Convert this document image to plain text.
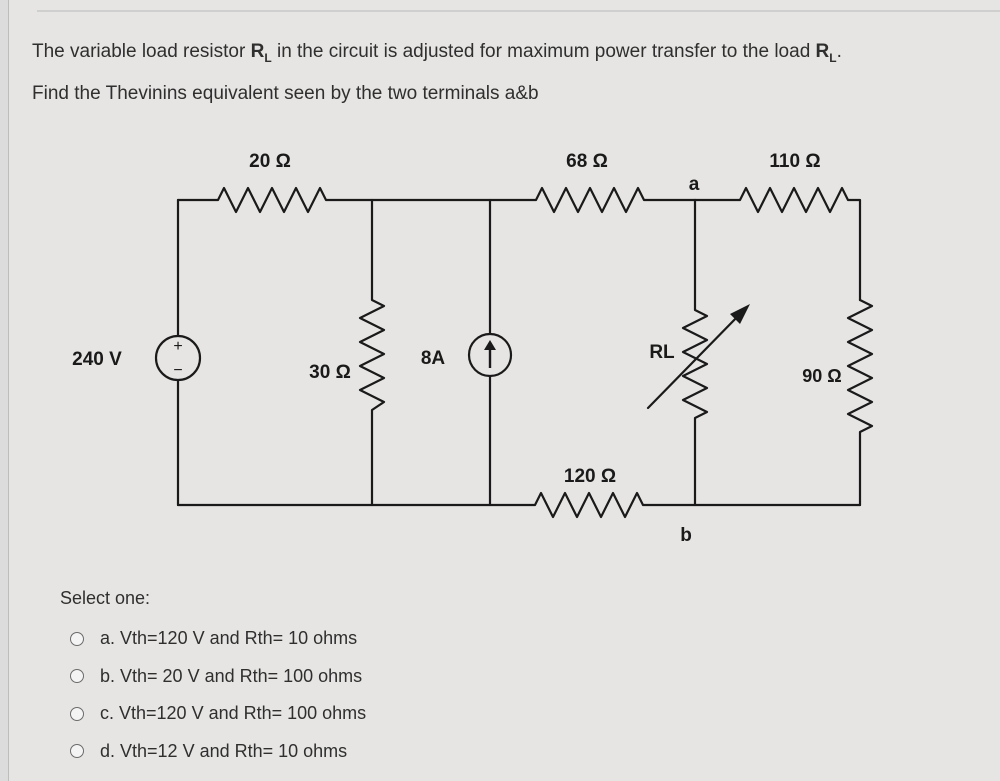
The variable load resistor $R_L$ in the circuit is adjusted for maximum power transfer to the load $R_L$.
Find the Thevinins equivalent seen by the two terminals a&b
+
−
20 Ω	68 Ω	110 Ω
a
240 V
30 Ω
8A	RL
90 Ω
120 Ω
b
Select one:
a. Vth=120 V and Rth= 10 ohms
b. Vth= 20 V and Rth= 100 ohms
c. Vth=120 V and Rth= 100 ohms
d. Vth=12 V and Rth= 10 ohms
